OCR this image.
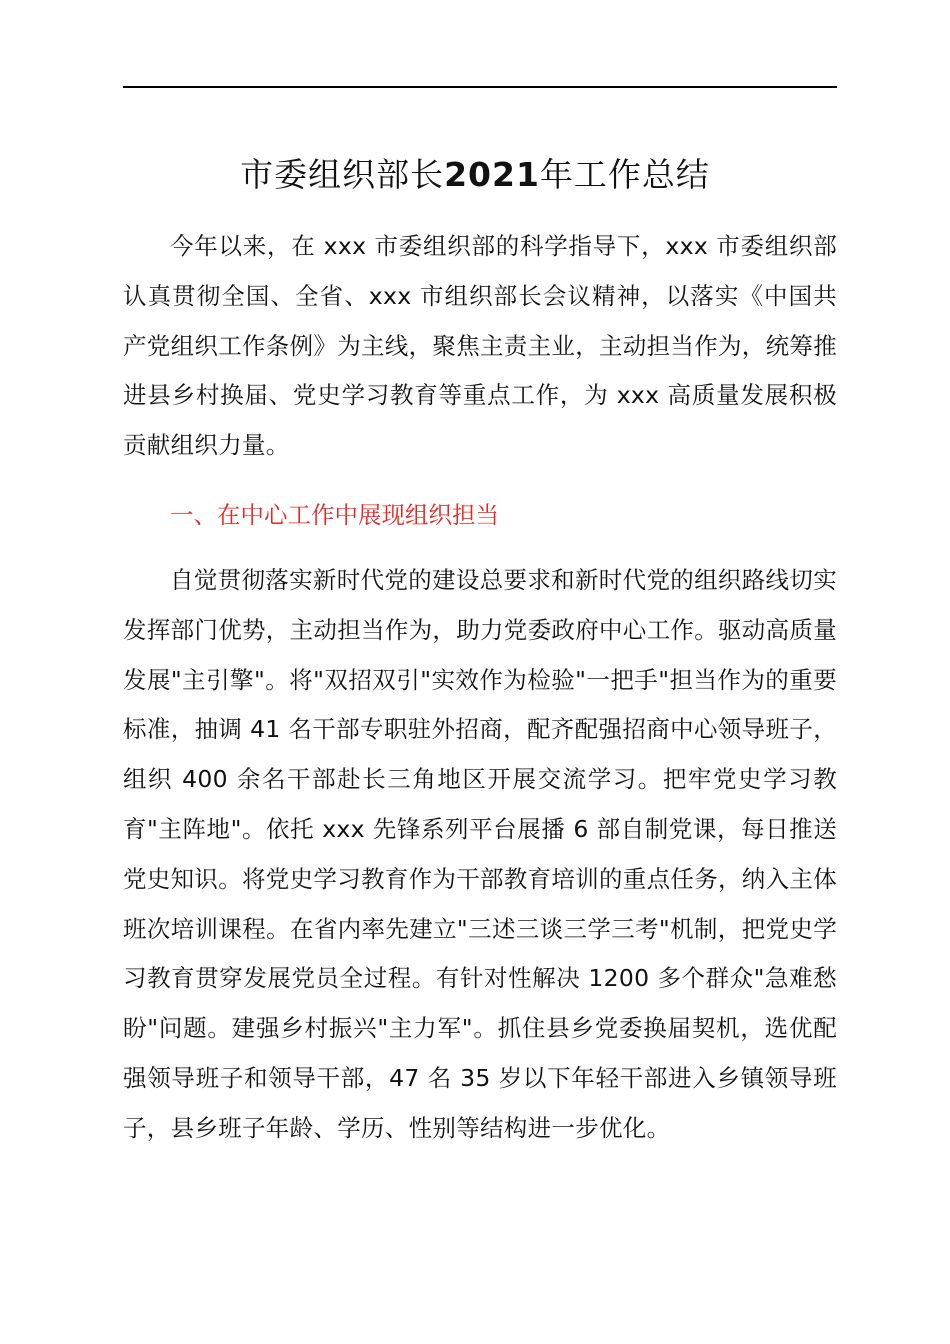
市委组织部长2021年工作总结

今年以来，在 xxx 市委组织部的科学指导下，xxx 市委组织部认真贯彻全国、全省、xxx 市组织部长会议精神，以落实《中国共产党组织工作条例》为主线，聚焦主责主业，主动担当作为，统筹推进县乡村换届、党史学习教育等重点工作，为 xxx 高质量发展积极贡献组织力量。

一、在中心工作中展现组织担当

自觉贯彻落实新时代党的建设总要求和新时代党的组织路线切实发挥部门优势，主动担当作为，助力党委政府中心工作。驱动高质量发展"主引擎"。将"双招双引"实效作为检验"一把手"担当作为的重要标准，抽调 41 名干部专职驻外招商，配齐配强招商中心领导班子，组织 400 余名干部赴长三角地区开展交流学习。把牢党史学习教育"主阵地"。依托 xxx 先锋系列平台展播 6 部自制党课，每日推送党史知识。将党史学习教育作为干部教育培训的重点任务，纳入主体班次培训课程。在省内率先建立"三述三谈三学三考"机制，把党史学习教育贯穿发展党员全过程。有针对性解决 1200 多个群众"急难愁盼"问题。建强乡村振兴"主力军"。抓住县乡党委换届契机，选优配强领导班子和领导干部，47 名 35 岁以下年轻干部进入乡镇领导班子，县乡班子年龄、学历、性别等结构进一步优化。
